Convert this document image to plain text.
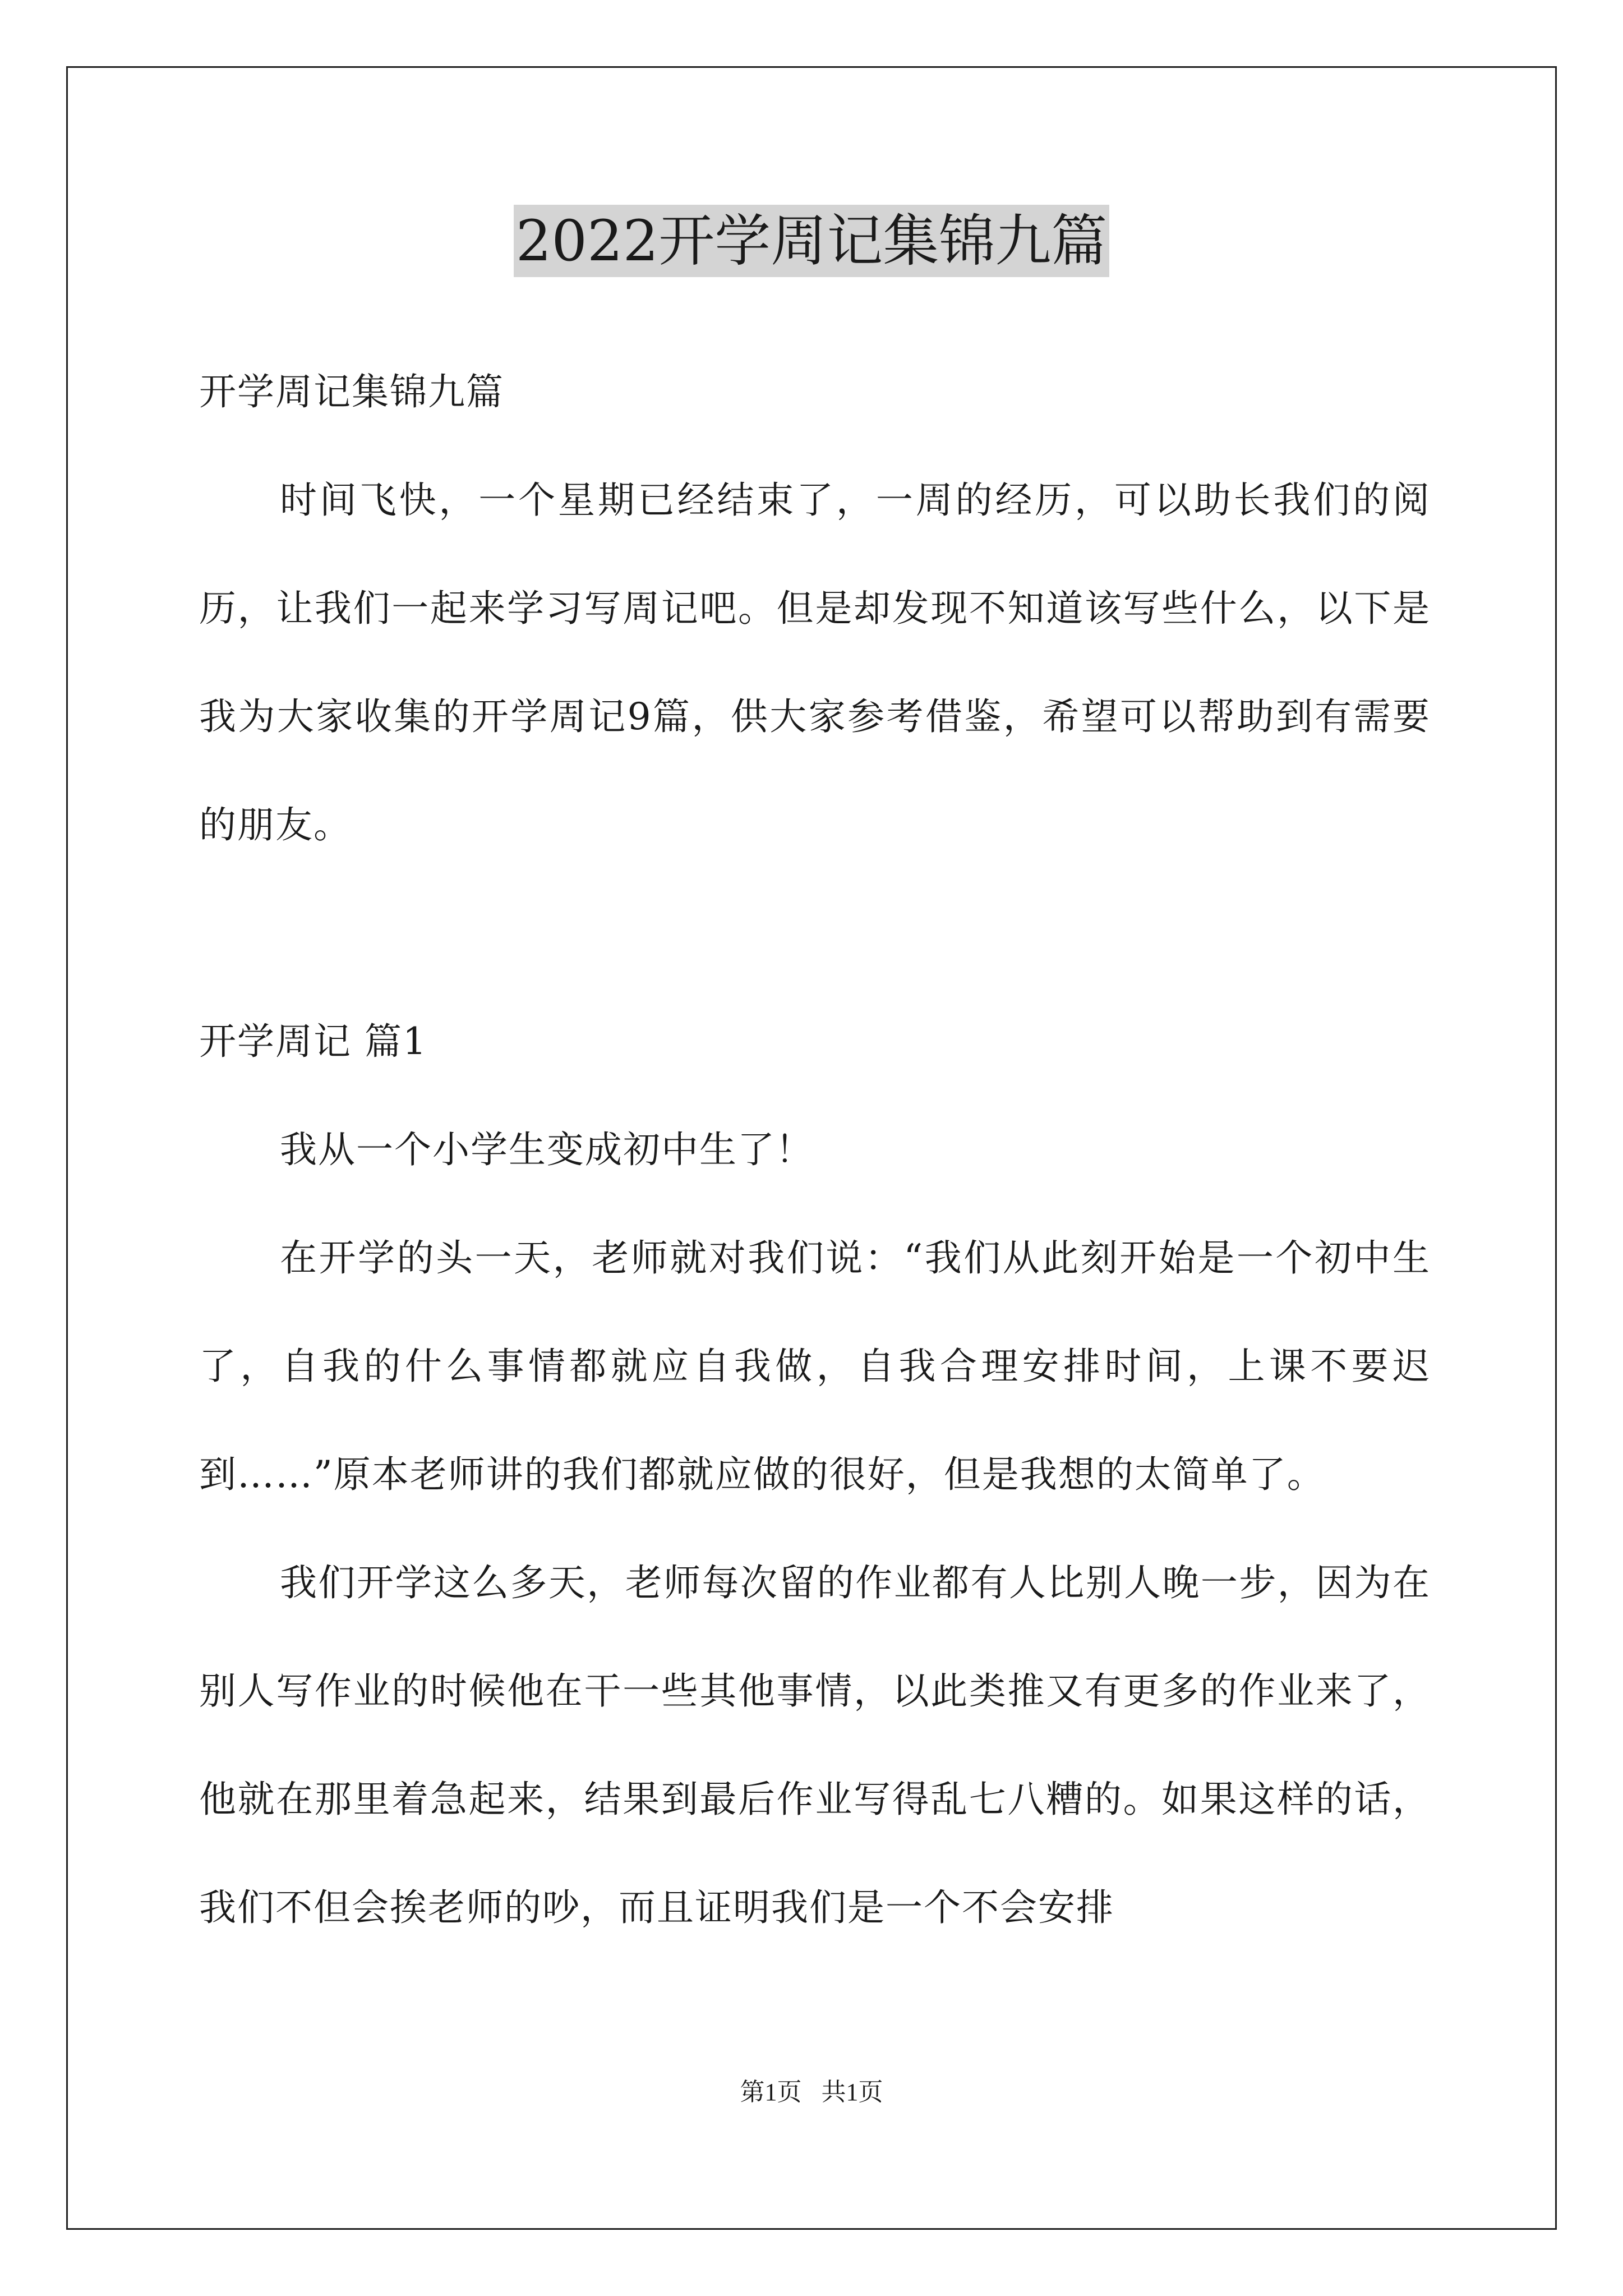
2022开学周记集锦九篇

开学周记集锦九篇

时间飞快，一个星期已经结束了，一周的经历，可以助长我们的阅历，让我们一起来学习写周记吧。但是却发现不知道该写些什么，以下是我为大家收集的开学周记9篇，供大家参考借鉴，希望可以帮助到有需要的朋友。

开学周记 篇1

我从一个小学生变成初中生了！

在开学的头一天，老师就对我们说：“我们从此刻开始是一个初中生了，自我的什么事情都就应自我做，自我合理安排时间，上课不要迟到……”原本老师讲的我们都就应做的很好，但是我想的太简单了。

我们开学这么多天，老师每次留的作业都有人比别人晚一步，因为在别人写作业的时候他在干一些其他事情，以此类推又有更多的作业来了，他就在那里着急起来，结果到最后作业写得乱七八糟的。如果这样的话，我们不但会挨老师的吵，而且证明我们是一个不会安排

第1页 共1页
